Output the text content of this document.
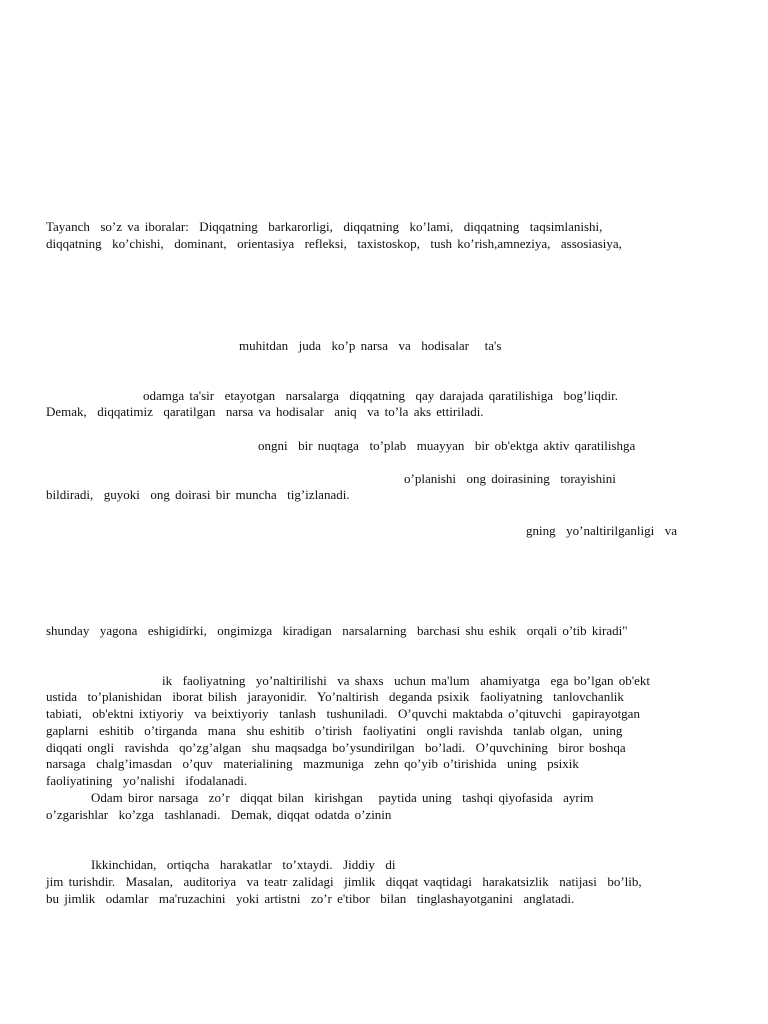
Tayanch  so’z va iboralar:  Diqqatning  barkarorligi,  diqqatning  ko’lami,  diqqatning  taqsimlanishi,
diqqatning  ko’chishi,  dominant,  orientasiya  refleksi,  taxistoskop,  tush ko’rish,amneziya,  assosiasiya,
muhitdan  juda  ko’p narsa  va  hodisalar   ta's
odamga ta'sir  etayotgan  narsalarga  diqqatning  qay darajada qaratilishiga  bog’liqdir.
Demak,  diqqatimiz  qaratilgan  narsa va hodisalar  aniq  va to’la aks ettiriladi.
ongni  bir nuqtaga  to’plab  muayyan  bir ob'ektga aktiv qaratilishga
o’planishi  ong doirasining  torayishini
bildiradi,  guyoki  ong doirasi bir muncha  tig’izlanadi.
gning  yo’naltirilganligi  va
shunday  yagona  eshigidirki,  ongimizga  kiradigan  narsalarning  barchasi shu eshik  orqali o’tib kiradi"
ik  faoliyatning  yo’naltirilishi  va shaxs  uchun ma'lum  ahamiyatga  ega bo’lgan ob'ekt
ustida  to’planishidan  iborat bilish  jarayonidir.  Yo’naltirish  deganda psixik  faoliyatning  tanlovchanlik
tabiati,  ob'ektni ixtiyoriy  va beixtiyoriy  tanlash  tushuniladi.  O’quvchi maktabda o’qituvchi  gapirayotgan
gaplarni  eshitib  o’tirganda  mana  shu eshitib  o’tirish  faoliyatini  ongli ravishda  tanlab olgan,  uning
diqqati ongli  ravishda  qo’zg’algan  shu maqsadga bo’ysundirilgan  bo’ladi.  O’quvchining  biror boshqa
narsaga  chalg’imasdan  o’quv  materialining  mazmuniga  zehn qo’yib o’tirishida  uning  psixik
faoliyatining  yo’nalishi  ifodalanadi.
Odam biror narsaga  zo’r  diqqat bilan  kirishgan   paytida uning  tashqi qiyofasida  ayrim
o’zgarishlar  ko’zga  tashlanadi.  Demak, diqqat odatda o’zinin
Ikkinchidan,  ortiqcha  harakatlar  to’xtaydi.  Jiddiy  di
jim turishdir.  Masalan,  auditoriya  va teatr zalidagi  jimlik  diqqat vaqtidagi  harakatsizlik  natijasi  bo’lib,
bu jimlik  odamlar  ma'ruzachini  yoki artistni  zo’r e'tibor  bilan  tinglashayotganini  anglatadi.
